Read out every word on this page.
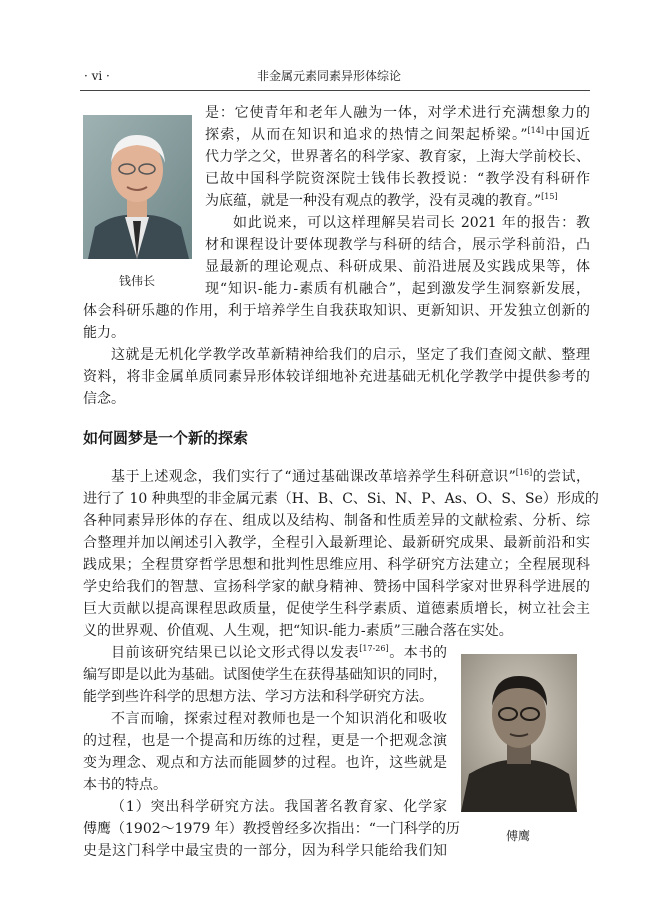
· vi ·	非金属元素同素异形体综论
钱伟长
如何圆梦是一个新的探索
傅鹰
是：它使青年和老年人融为一体，对学术进行充满想象力的
探索，从而在知识和追求的热情之间架起桥梁。”[14]中国近
代力学之父，世界著名的科学家、教育家，上海大学前校长、
已故中国科学院资深院士钱伟长教授说：“教学没有科研作
为底蕴，就是一种没有观点的教学，没有灵魂的教育。”[15]
如此说来，可以这样理解吴岩司长 2021 年的报告：教
材和课程设计要体现教学与科研的结合，展示学科前沿，凸
显最新的理论观点、科研成果、前沿进展及实践成果等，体
现“知识-能力-素质有机融合”，起到激发学生洞察新发展，
体会科研乐趣的作用，利于培养学生自我获取知识、更新知识、开发独立创新的
能力。
这就是无机化学教学改革新精神给我们的启示，坚定了我们查阅文献、整理
资料，将非金属单质同素异形体较详细地补充进基础无机化学教学中提供参考的
信念。
基于上述观念，我们实行了“通过基础课改革培养学生科研意识”[16]的尝试，
进行了 10 种典型的非金属元素（H、B、C、Si、N、P、As、O、S、Se）形成的
各种同素异形体的存在、组成以及结构、制备和性质差异的文献检索、分析、综
合整理并加以阐述引入教学，全程引入最新理论、最新研究成果、最新前沿和实
践成果；全程贯穿哲学思想和批判性思维应用、科学研究方法建立；全程展现科
学史给我们的智慧、宣扬科学家的献身精神、赞扬中国科学家对世界科学进展的
巨大贡献以提高课程思政质量，促使学生科学素质、道德素质增长，树立社会主
义的世界观、价值观、人生观，把“知识-能力-素质”三融合落在实处。
目前该研究结果已以论文形式得以发表[17-26]。本书的
编写即是以此为基础。试图使学生在获得基础知识的同时，
能学到些许科学的思想方法、学习方法和科学研究方法。
不言而喻，探索过程对教师也是一个知识消化和吸收
的过程，也是一个提高和历练的过程，更是一个把观念演
变为理念、观点和方法而能圆梦的过程。也许，这些就是
本书的特点。
（1）突出科学研究方法。我国著名教育家、化学家
傅鹰（1902～1979 年）教授曾经多次指出：“一门科学的历
史是这门科学中最宝贵的一部分，因为科学只能给我们知
